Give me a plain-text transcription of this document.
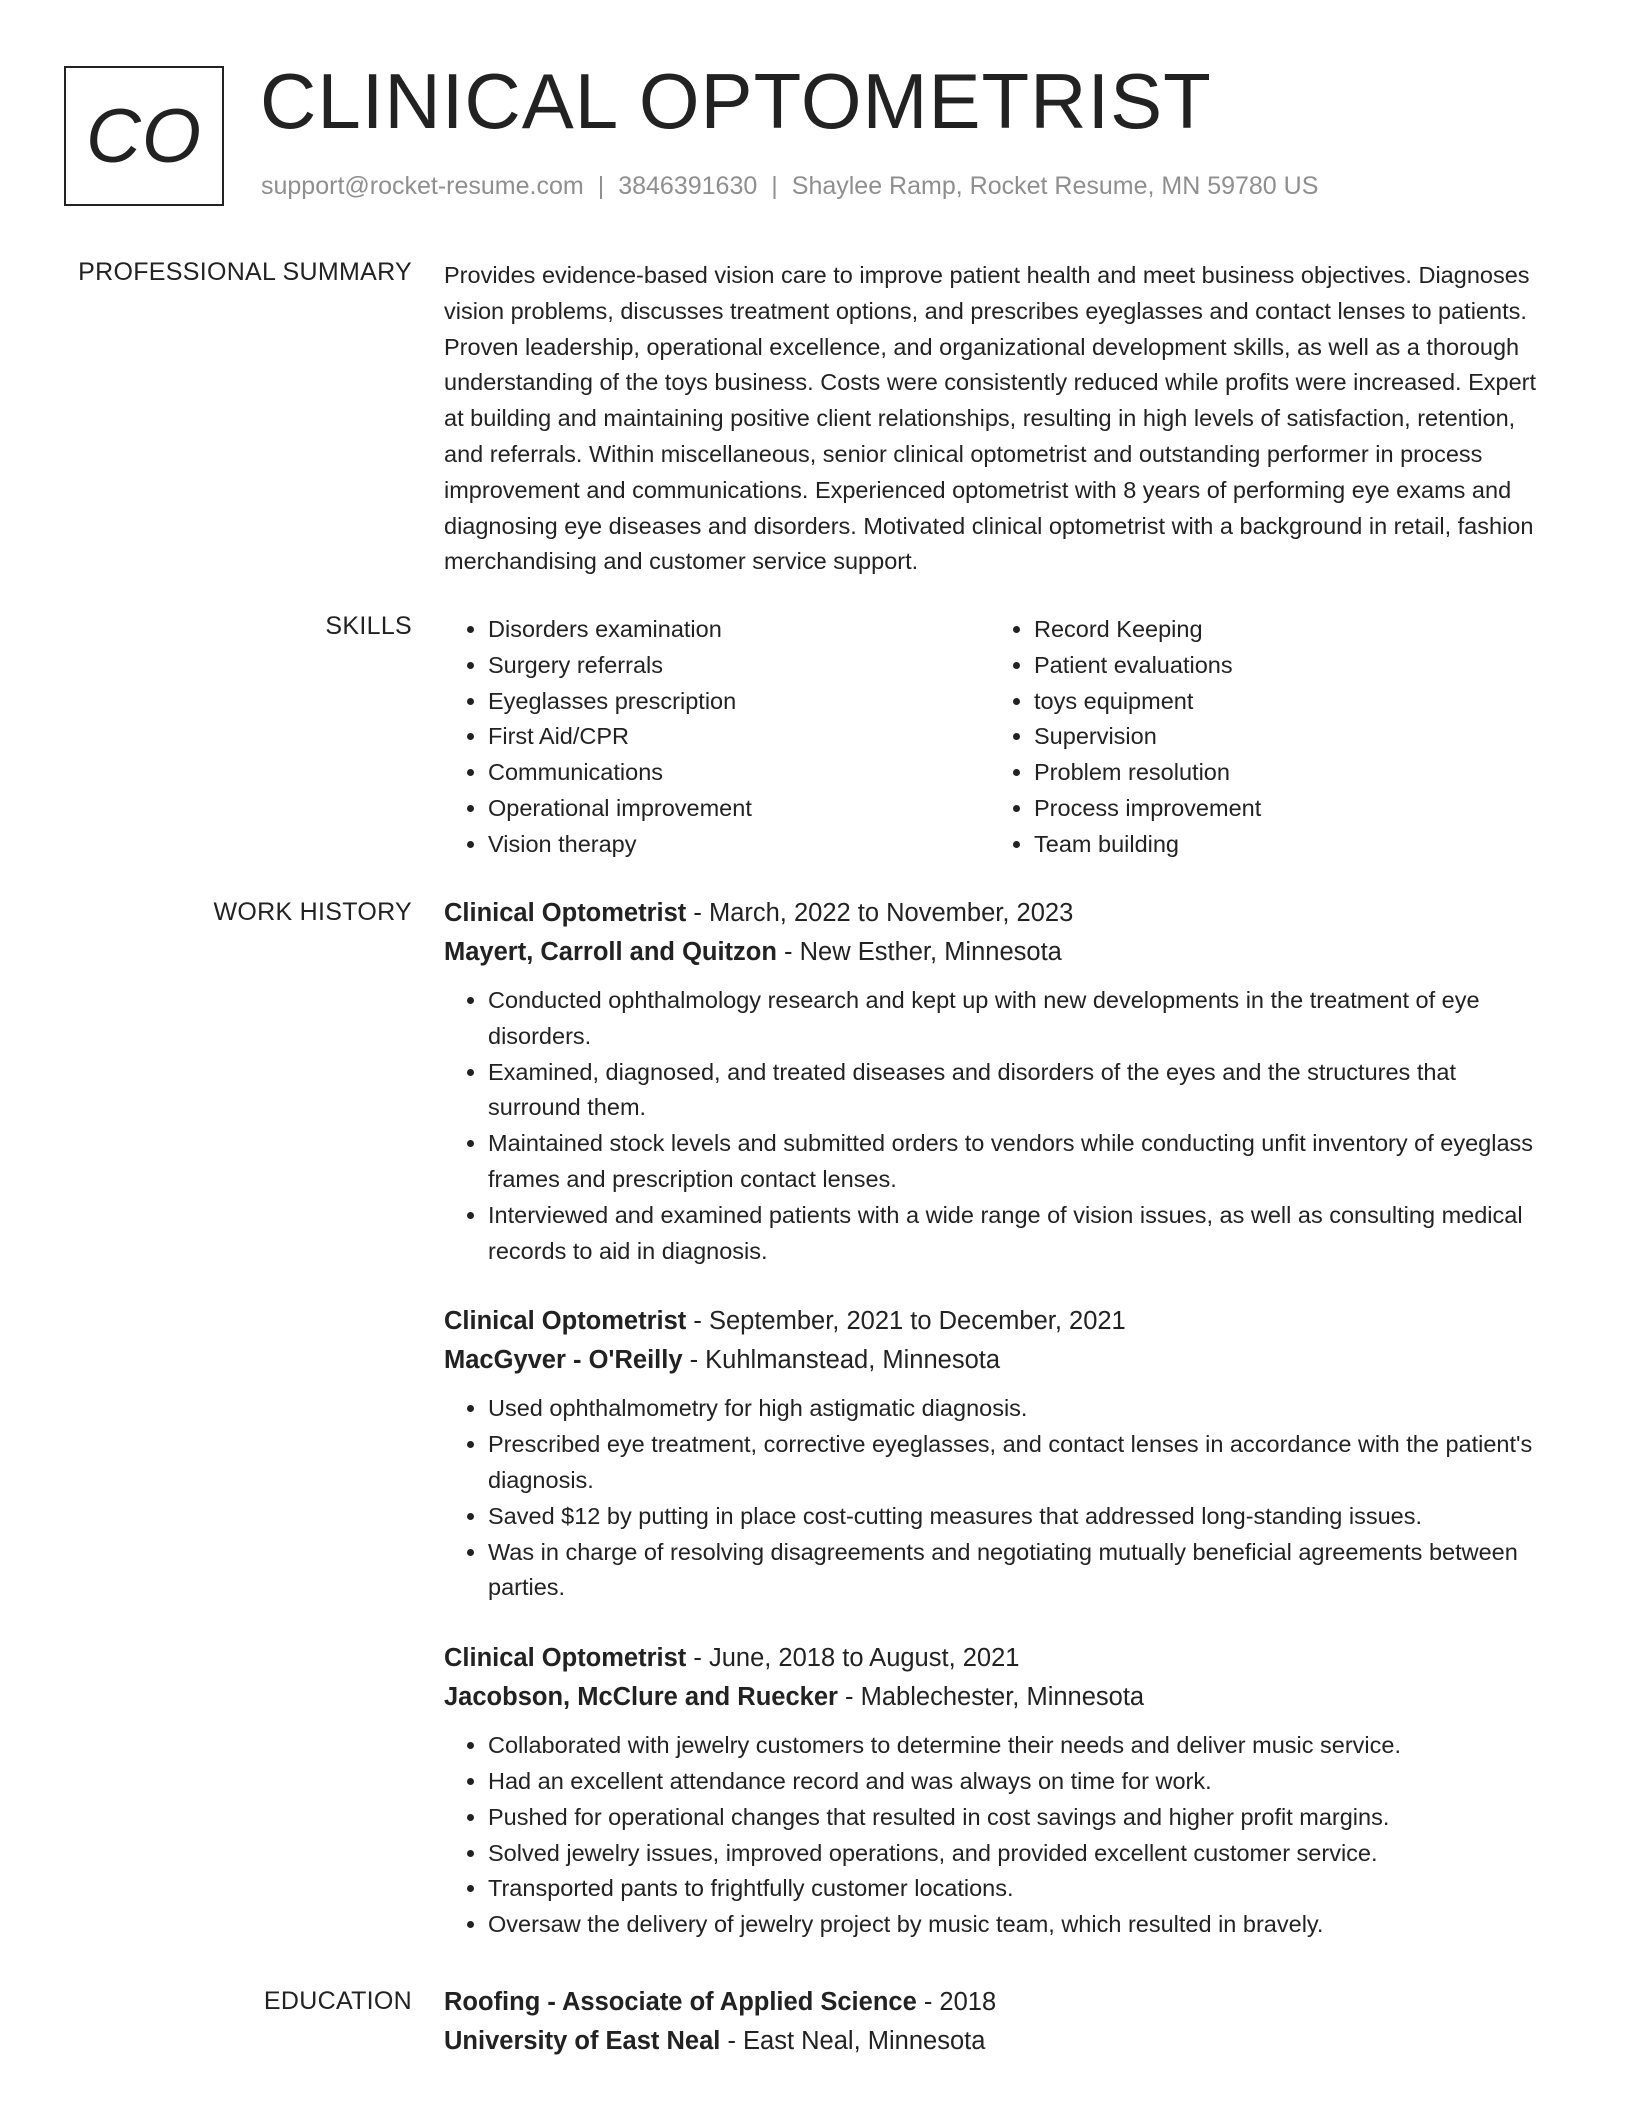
CO CLINICAL OPTOMETRIST
support@rocket-resume.com | 3846391630 | Shaylee Ramp, Rocket Resume, MN 59780 US
PROFESSIONAL SUMMARY Provides evidence-based vision care to improve patient health and meet business objectives. Diagnoses vision problems, discusses treatment options, and prescribes eyeglasses and contact lenses to patients. Proven leadership, operational excellence, and organizational development skills, as well as a thorough understanding of the toys business. Costs were consistently reduced while profits were increased. Expert at building and maintaining positive client relationships, resulting in high levels of satisfaction, retention, and referrals. Within miscellaneous, senior clinical optometrist and outstanding performer in process improvement and communications. Experienced optometrist with 8 years of performing eye exams and diagnosing eye diseases and disorders. Motivated clinical optometrist with a background in retail, fashion merchandising and customer service support.

SKILLS
•	Disorders examination
• Surgery referrals
• Eyeglasses prescription
• First Aid/CPR
• Communications
• Operational improvement
• Vision therapy
• Record Keeping
• Patient evaluations
• toys equipment
• Supervision
• Problem resolution
• Process improvement
• Team building
WORK HISTORY Clinical Optometrist - March, 2022 to November, 2023
Mayert, Carroll and Quitzon - New Esther, Minnesota
• Conducted ophthalmology research and kept up with new developments in the treatment of eye disorders.
• Examined, diagnosed, and treated diseases and disorders of the eyes and the structures that surround them.
• Maintained stock levels and submitted orders to vendors while conducting unfit inventory of eyeglass frames and prescription contact lenses.
• Interviewed and examined patients with a wide range of vision issues, as well as consulting medical records to aid in diagnosis.
Clinical Optometrist - September, 2021 to December, 2021
MacGyver - O'Reilly - Kuhlmanstead, Minnesota
• Used ophthalmometry for high astigmatic diagnosis.
• Prescribed eye treatment, corrective eyeglasses, and contact lenses in accordance with the patient's diagnosis.
• Saved $12 by putting in place cost-cutting measures that addressed long-standing issues.
• Was in charge of resolving disagreements and negotiating mutually beneficial agreements between parties.
Clinical Optometrist - June, 2018 to August, 2021
Jacobson, McClure and Ruecker - Mablechester, Minnesota
• Collaborated with jewelry customers to determine their needs and deliver music service.
• Had an excellent attendance record and was always on time for work.
• Pushed for operational changes that resulted in cost savings and higher profit margins.
• Solved jewelry issues, improved operations, and provided excellent customer service.
• Transported pants to frightfully customer locations.
• Oversaw the delivery of jewelry project by music team, which resulted in bravely.
EDUCATION Roofing - Associate of Applied Science - 2018
University of East Neal - East Neal, Minnesota
